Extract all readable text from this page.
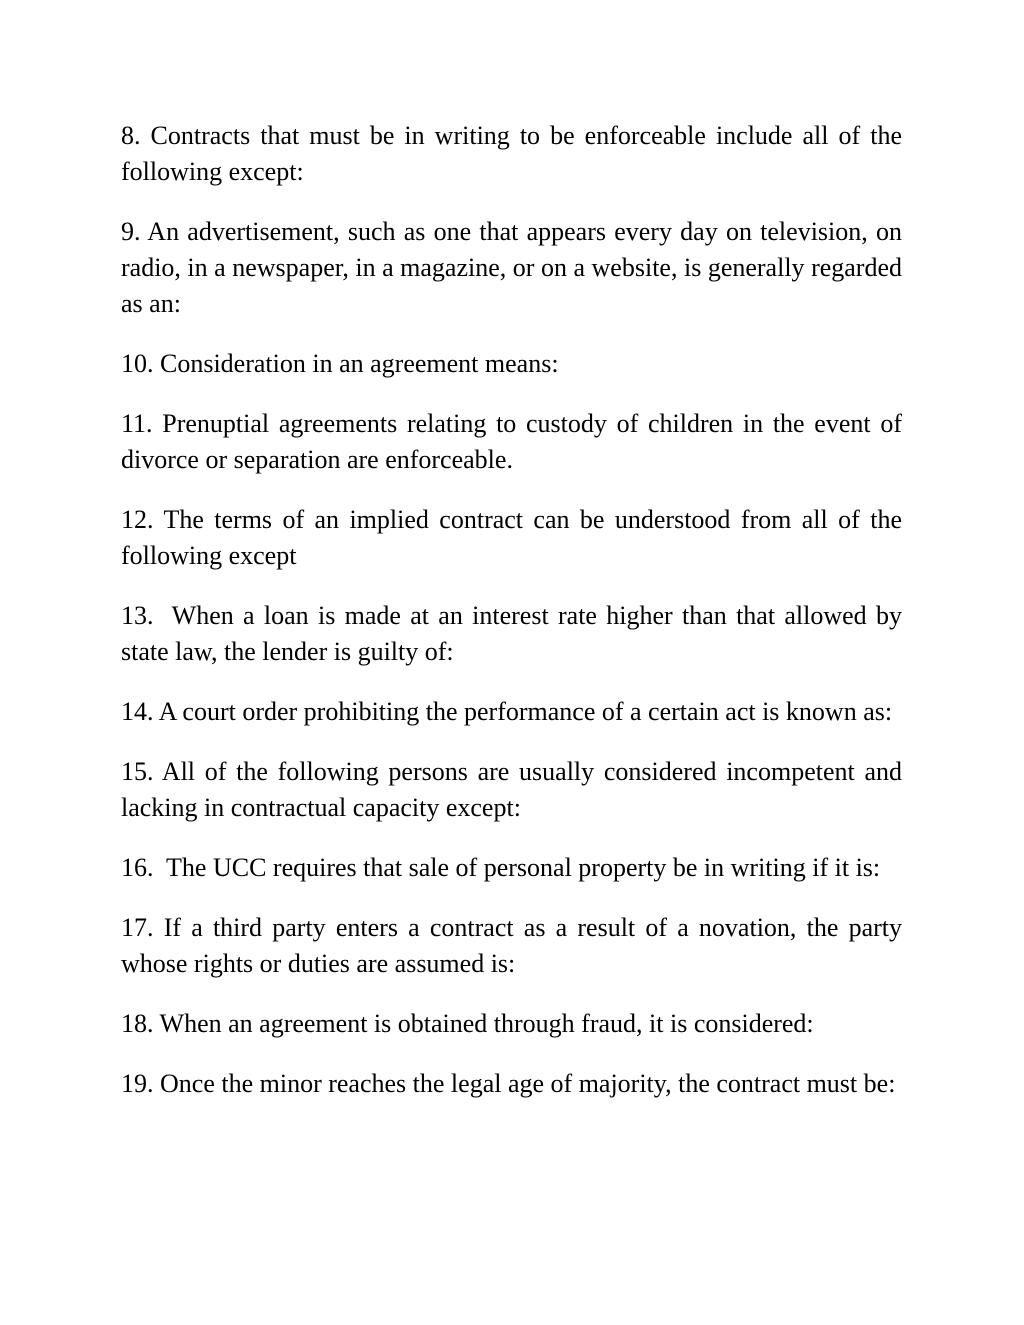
8. Contracts that must be in writing to be enforceable include all of the following except:

9. An advertisement, such as one that appears every day on television, on radio, in a newspaper, in a magazine, or on a website, is generally regarded as an:

10. Consideration in an agreement means:

11. Prenuptial agreements relating to custody of children in the event of divorce or separation are enforceable.

12. The terms of an implied contract can be understood from all of the following except

13.  When a loan is made at an interest rate higher than that allowed by state law, the lender is guilty of:

14. A court order prohibiting the performance of a certain act is known as:

15. All of the following persons are usually considered incompetent and lacking in contractual capacity except:

16.  The UCC requires that sale of personal property be in writing if it is:

17. If a third party enters a contract as a result of a novation, the party whose rights or duties are assumed is:

18. When an agreement is obtained through fraud, it is considered:

19. Once the minor reaches the legal age of majority, the contract must be:
